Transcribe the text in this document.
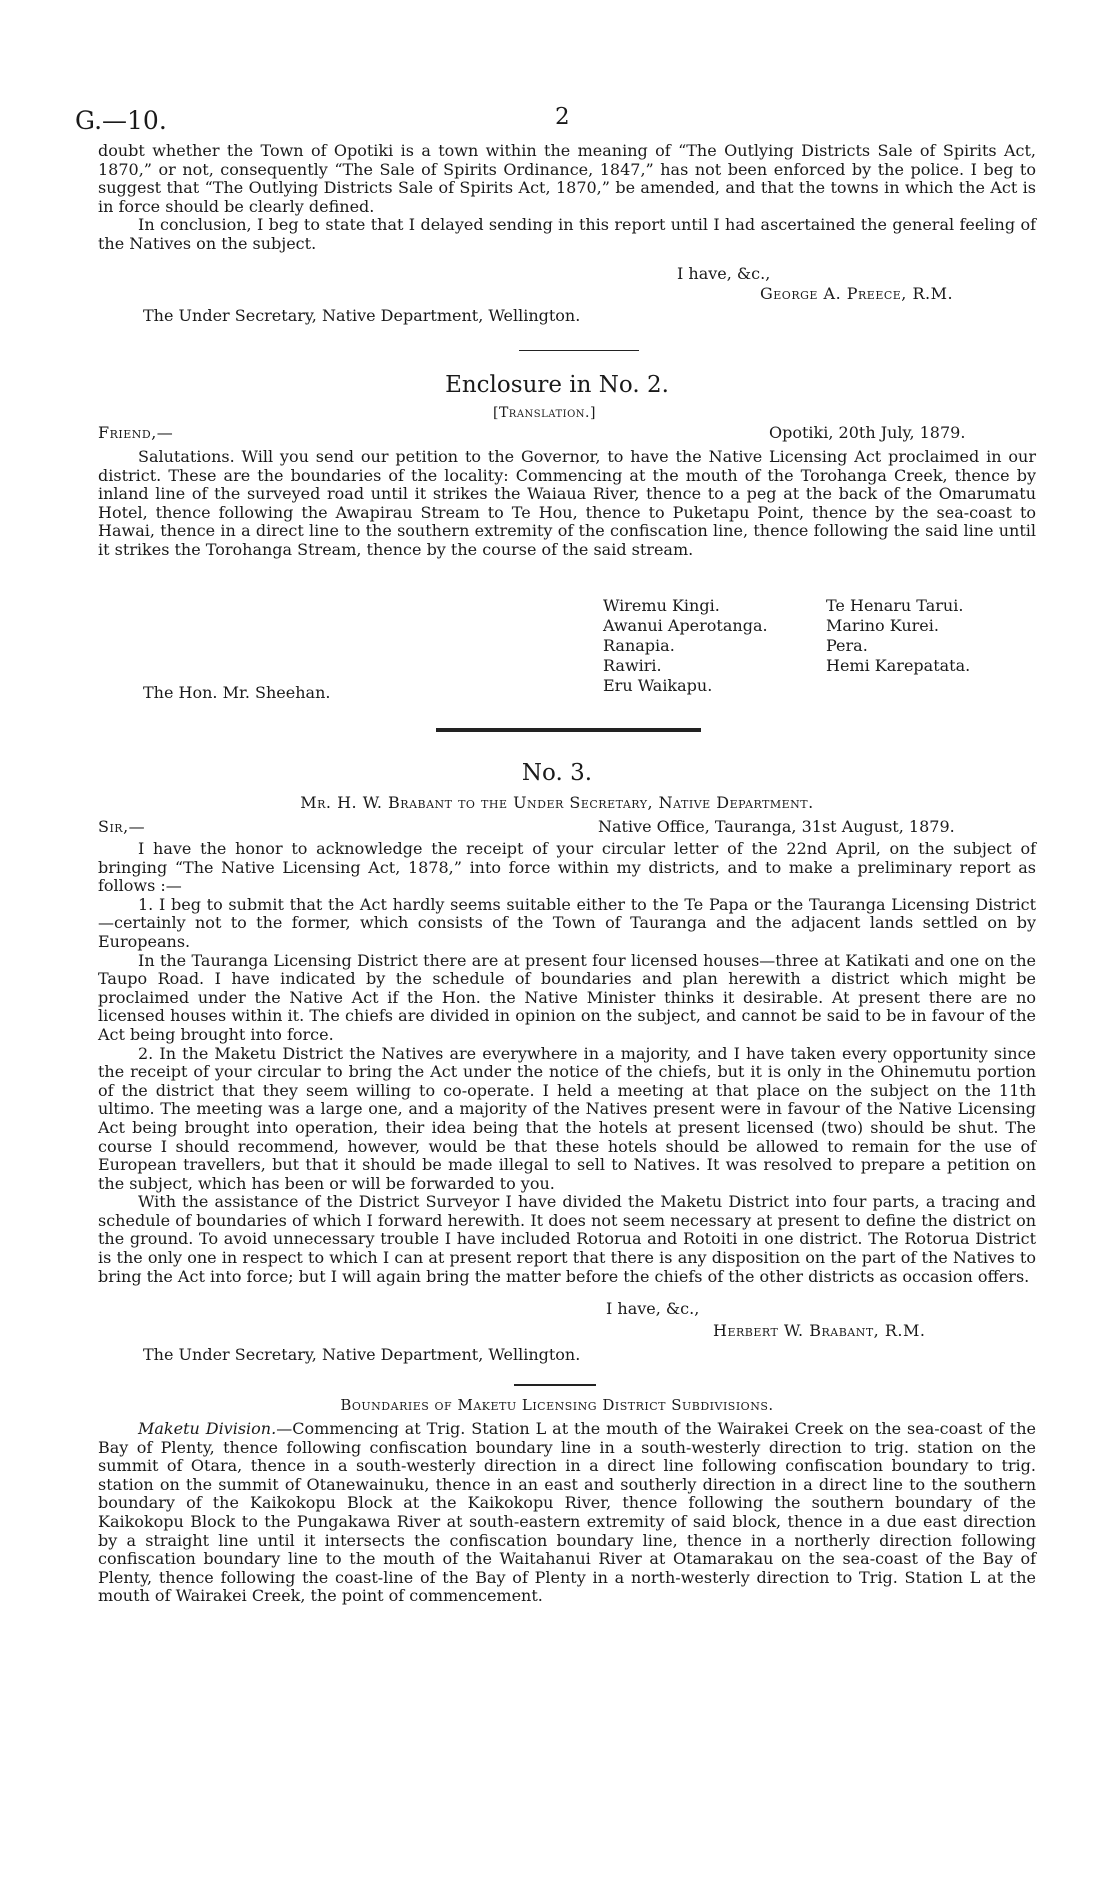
G.—10.	2

doubt whether the Town of Opotiki is a town within the meaning of “The Outlying Districts Sale of Spirits Act, 1870,” or not, consequently “The Sale of Spirits Ordinance, 1847,” has not been enforced by the police. I beg to suggest that “The Outlying Districts Sale of Spirits Act, 1870,” be amended, and that the towns in which the Act is in force should be clearly defined.

In conclusion, I beg to state that I delayed sending in this report until I had ascertained the general feeling of the Natives on the subject.

I have, &c.,
George A. Preece, R.M.
The Under Secretary, Native Department, Wellington.
Enclosure in No. 2.
[Translation.]
Friend,—	Opotiki, 20th July, 1879.

Salutations. Will you send our petition to the Governor, to have the Native Licensing Act proclaimed in our district. These are the boundaries of the locality: Commencing at the mouth of the Torohanga Creek, thence by inland line of the surveyed road until it strikes the Waiaua River, thence to a peg at the back of the Omarumatu Hotel, thence following the Awapirau Stream to Te Hou, thence to Puketapu Point, thence by the sea-coast to Hawai, thence in a direct line to the southern extremity of the confiscation line, thence following the said line until it strikes the Torohanga Stream, thence by the course of the said stream.

Wiremu Kingi.
Awanui Aperotanga.
Ranapia.
Rawiri.
Eru Waikapu.
Te Henaru Tarui.
Marino Kurei.
Pera.
Hemi Karepatata.
The Hon. Mr. Sheehan.
No. 3.
Mr. H. W. Brabant to the Under Secretary, Native Department.
Sir,—	Native Office, Tauranga, 31st August, 1879.

I have the honor to acknowledge the receipt of your circular letter of the 22nd April, on the subject of bringing “The Native Licensing Act, 1878,” into force within my districts, and to make a preliminary report as follows :—

1. I beg to submit that the Act hardly seems suitable either to the Te Papa or the Tauranga Licensing District—certainly not to the former, which consists of the Town of Tauranga and the adjacent lands settled on by Europeans.

In the Tauranga Licensing District there are at present four licensed houses—three at Katikati and one on the Taupo Road. I have indicated by the schedule of boundaries and plan herewith a district which might be proclaimed under the Native Act if the Hon. the Native Minister thinks it desirable. At present there are no licensed houses within it. The chiefs are divided in opinion on the subject, and cannot be said to be in favour of the Act being brought into force.

2. In the Maketu District the Natives are everywhere in a majority, and I have taken every opportunity since the receipt of your circular to bring the Act under the notice of the chiefs, but it is only in the Ohinemutu portion of the district that they seem willing to co-operate. I held a meeting at that place on the subject on the 11th ultimo. The meeting was a large one, and a majority of the Natives present were in favour of the Native Licensing Act being brought into operation, their idea being that the hotels at present licensed (two) should be shut. The course I should recommend, however, would be that these hotels should be allowed to remain for the use of European travellers, but that it should be made illegal to sell to Natives. It was resolved to prepare a petition on the subject, which has been or will be forwarded to you.

With the assistance of the District Surveyor I have divided the Maketu District into four parts, a tracing and schedule of boundaries of which I forward herewith. It does not seem necessary at present to define the district on the ground. To avoid unnecessary trouble I have included Rotorua and Rotoiti in one district. The Rotorua District is the only one in respect to which I can at present report that there is any disposition on the part of the Natives to bring the Act into force; but I will again bring the matter before the chiefs of the other districts as occasion offers.

I have, &c.,
Herbert W. Brabant, R.M.
The Under Secretary, Native Department, Wellington.
Boundaries of Maketu Licensing District Subdivisions.

Maketu Division.—Commencing at Trig. Station L at the mouth of the Wairakei Creek on the sea-coast of the Bay of Plenty, thence following confiscation boundary line in a south-westerly direction to trig. station on the summit of Otara, thence in a south-westerly direction in a direct line following confiscation boundary to trig. station on the summit of Otanewainuku, thence in an east and southerly direction in a direct line to the southern boundary of the Kaikokopu Block at the Kaikokopu River, thence following the southern boundary of the Kaikokopu Block to the Pungakawa River at south-eastern extremity of said block, thence in a due east direction by a straight line until it intersects the confiscation boundary line, thence in a northerly direction following confiscation boundary line to the mouth of the Waitahanui River at Otamarakau on the sea-coast of the Bay of Plenty, thence following the coast-line of the Bay of Plenty in a north-westerly direction to Trig. Station L at the mouth of Wairakei Creek, the point of commencement.
